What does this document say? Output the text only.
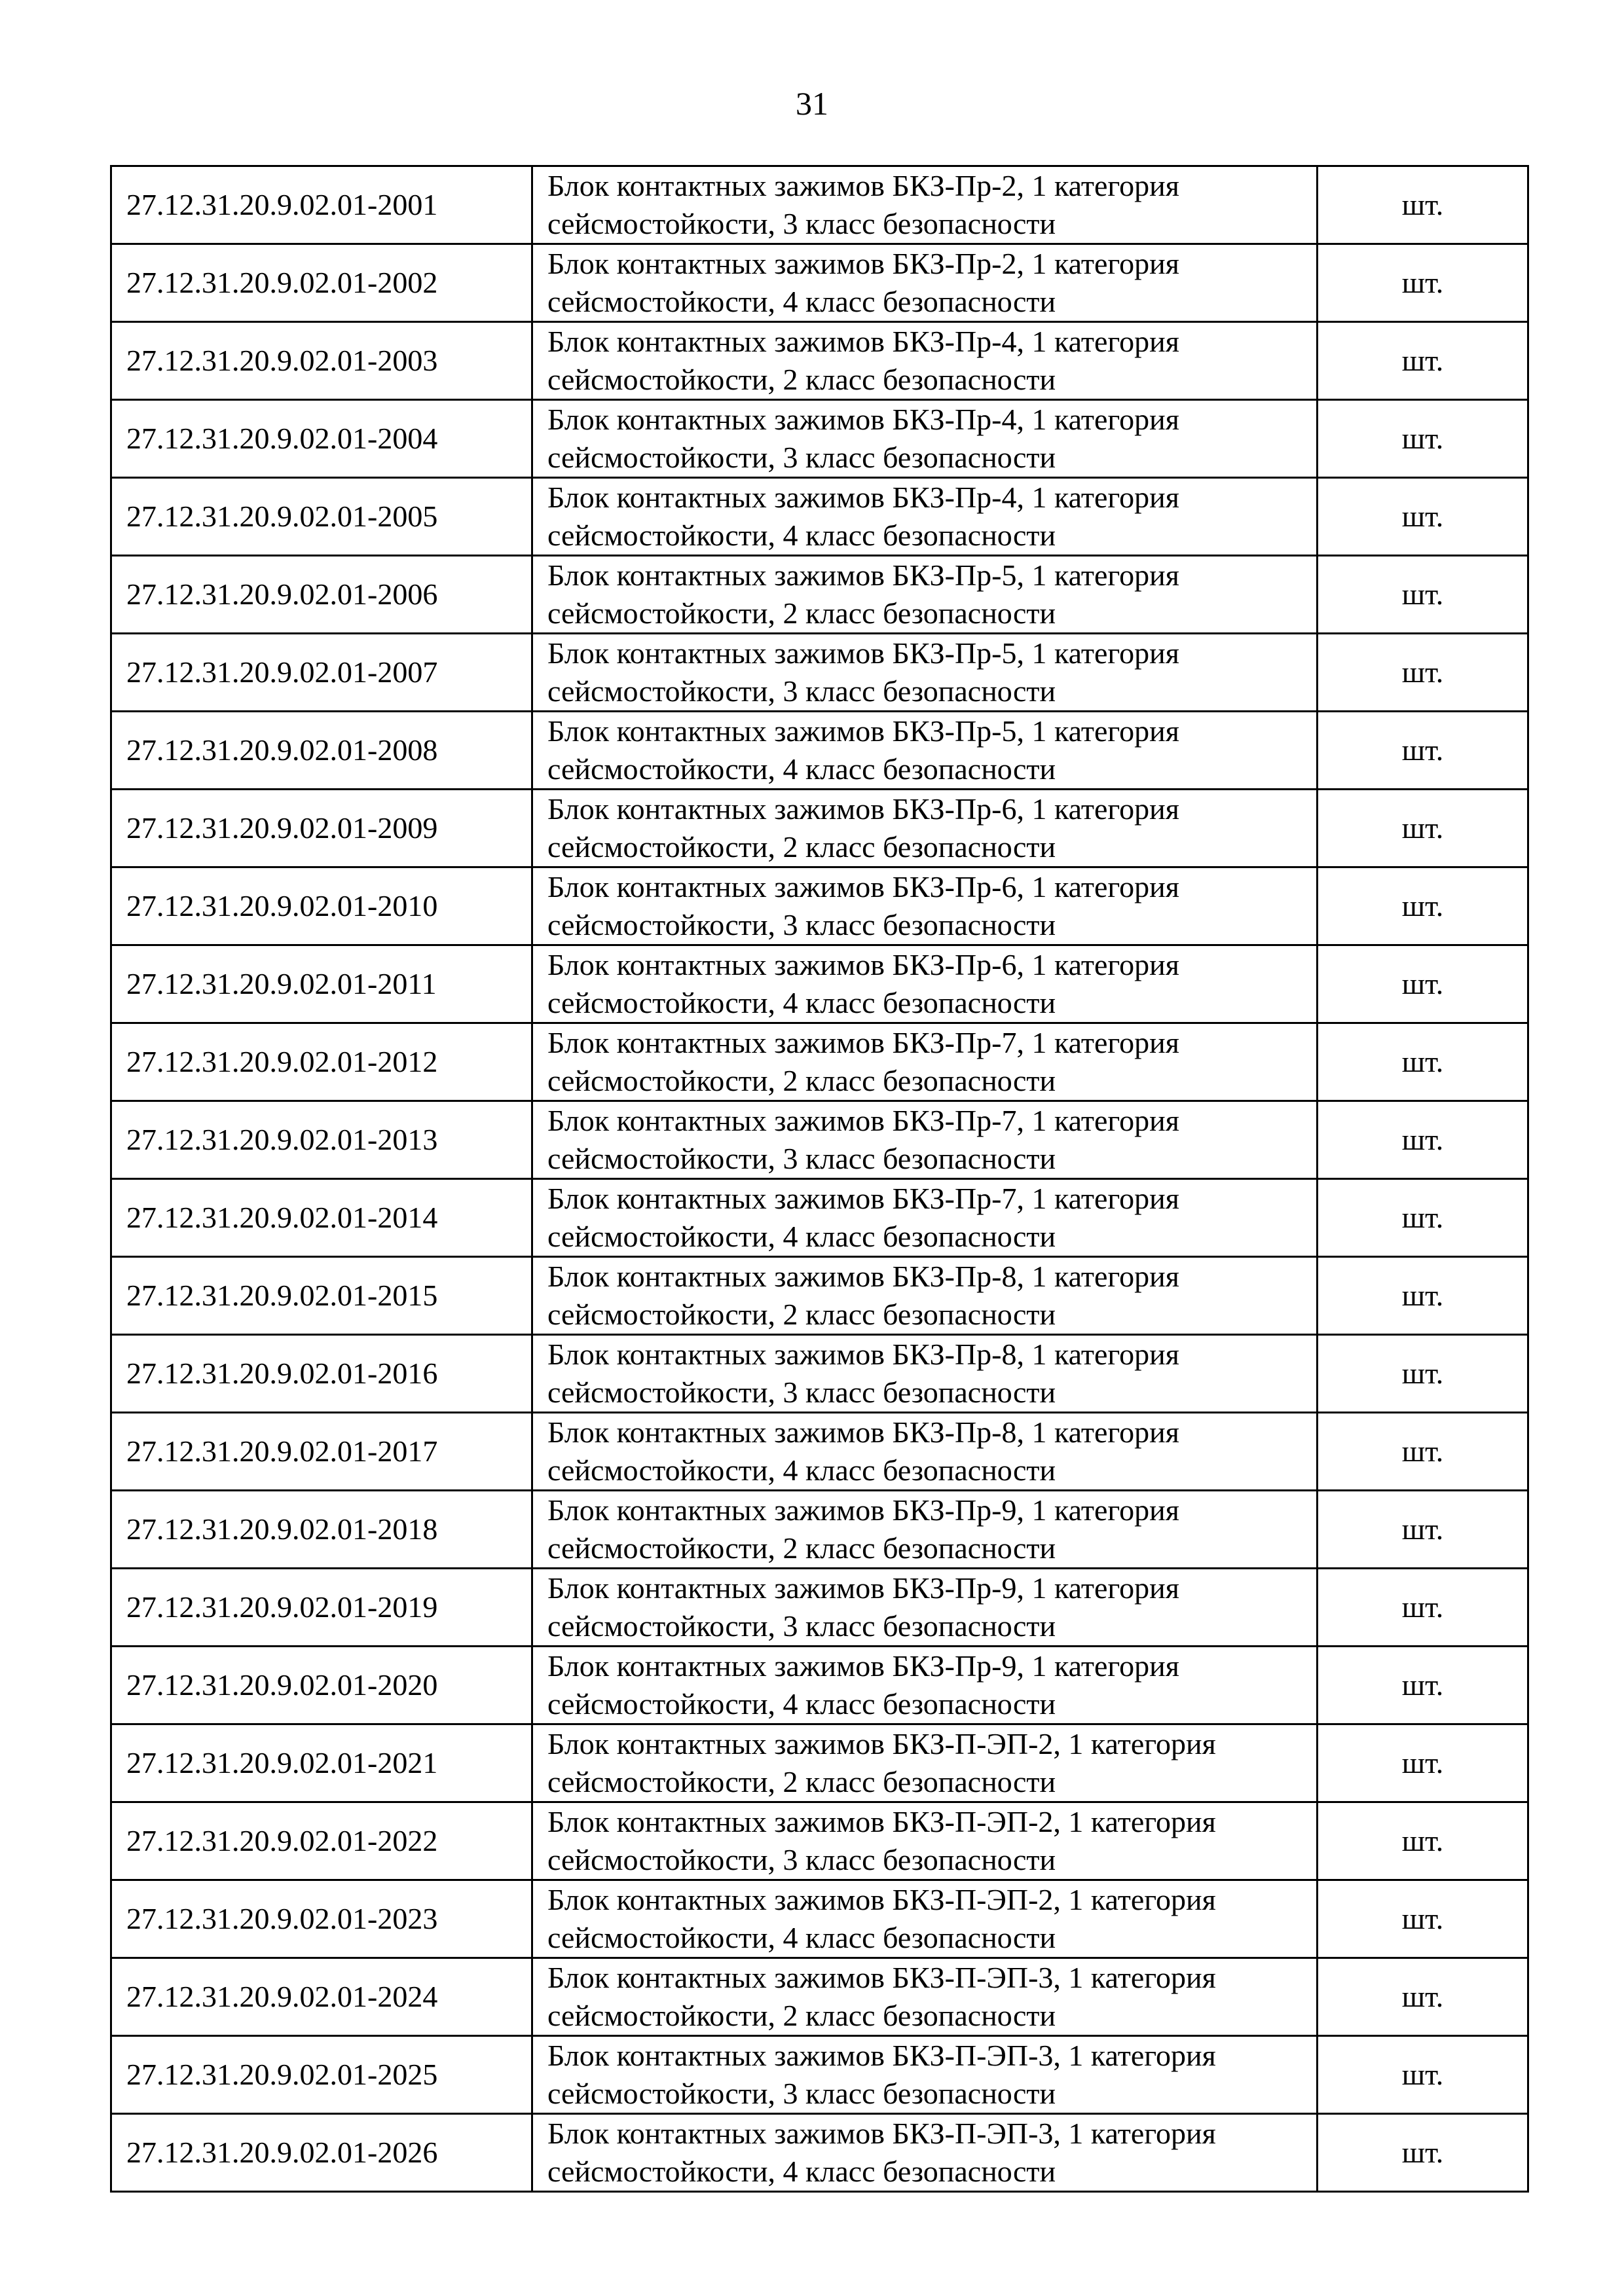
31
27.12.31.20.9.02.01-2001	Блок контактных зажимов БКЗ-Пр-2, 1 категория
сейсмостойкости, 3 класс безопасности	шт.
27.12.31.20.9.02.01-2002	Блок контактных зажимов БКЗ-Пр-2, 1 категория
сейсмостойкости, 4 класс безопасности	шт.
27.12.31.20.9.02.01-2003	Блок контактных зажимов БКЗ-Пр-4, 1 категория
сейсмостойкости, 2 класс безопасности	шт.
27.12.31.20.9.02.01-2004	Блок контактных зажимов БКЗ-Пр-4, 1 категория
сейсмостойкости, 3 класс безопасности	шт.
27.12.31.20.9.02.01-2005	Блок контактных зажимов БКЗ-Пр-4, 1 категория
сейсмостойкости, 4 класс безопасности	шт.
27.12.31.20.9.02.01-2006	Блок контактных зажимов БКЗ-Пр-5, 1 категория
сейсмостойкости, 2 класс безопасности	шт.
27.12.31.20.9.02.01-2007	Блок контактных зажимов БКЗ-Пр-5, 1 категория
сейсмостойкости, 3 класс безопасности	шт.
27.12.31.20.9.02.01-2008	Блок контактных зажимов БКЗ-Пр-5, 1 категория
сейсмостойкости, 4 класс безопасности	шт.
27.12.31.20.9.02.01-2009	Блок контактных зажимов БКЗ-Пр-6, 1 категория
сейсмостойкости, 2 класс безопасности	шт.
27.12.31.20.9.02.01-2010	Блок контактных зажимов БКЗ-Пр-6, 1 категория
сейсмостойкости, 3 класс безопасности	шт.
27.12.31.20.9.02.01-2011	Блок контактных зажимов БКЗ-Пр-6, 1 категория
сейсмостойкости, 4 класс безопасности	шт.
27.12.31.20.9.02.01-2012	Блок контактных зажимов БКЗ-Пр-7, 1 категория
сейсмостойкости, 2 класс безопасности	шт.
27.12.31.20.9.02.01-2013	Блок контактных зажимов БКЗ-Пр-7, 1 категория
сейсмостойкости, 3 класс безопасности	шт.
27.12.31.20.9.02.01-2014	Блок контактных зажимов БКЗ-Пр-7, 1 категория
сейсмостойкости, 4 класс безопасности	шт.
27.12.31.20.9.02.01-2015	Блок контактных зажимов БКЗ-Пр-8, 1 категория
сейсмостойкости, 2 класс безопасности	шт.
27.12.31.20.9.02.01-2016	Блок контактных зажимов БКЗ-Пр-8, 1 категория
сейсмостойкости, 3 класс безопасности	шт.
27.12.31.20.9.02.01-2017	Блок контактных зажимов БКЗ-Пр-8, 1 категория
сейсмостойкости, 4 класс безопасности	шт.
27.12.31.20.9.02.01-2018	Блок контактных зажимов БКЗ-Пр-9, 1 категория
сейсмостойкости, 2 класс безопасности	шт.
27.12.31.20.9.02.01-2019	Блок контактных зажимов БКЗ-Пр-9, 1 категория
сейсмостойкости, 3 класс безопасности	шт.
27.12.31.20.9.02.01-2020	Блок контактных зажимов БКЗ-Пр-9, 1 категория
сейсмостойкости, 4 класс безопасности	шт.
27.12.31.20.9.02.01-2021	Блок контактных зажимов БКЗ-П-ЭП-2, 1 категория
сейсмостойкости, 2 класс безопасности	шт.
27.12.31.20.9.02.01-2022	Блок контактных зажимов БКЗ-П-ЭП-2, 1 категория
сейсмостойкости, 3 класс безопасности	шт.
27.12.31.20.9.02.01-2023	Блок контактных зажимов БКЗ-П-ЭП-2, 1 категория
сейсмостойкости, 4 класс безопасности	шт.
27.12.31.20.9.02.01-2024	Блок контактных зажимов БКЗ-П-ЭП-3, 1 категория
сейсмостойкости, 2 класс безопасности	шт.
27.12.31.20.9.02.01-2025	Блок контактных зажимов БКЗ-П-ЭП-3, 1 категория
сейсмостойкости, 3 класс безопасности	шт.
27.12.31.20.9.02.01-2026	Блок контактных зажимов БКЗ-П-ЭП-3, 1 категория
сейсмостойкости, 4 класс безопасности	шт.
